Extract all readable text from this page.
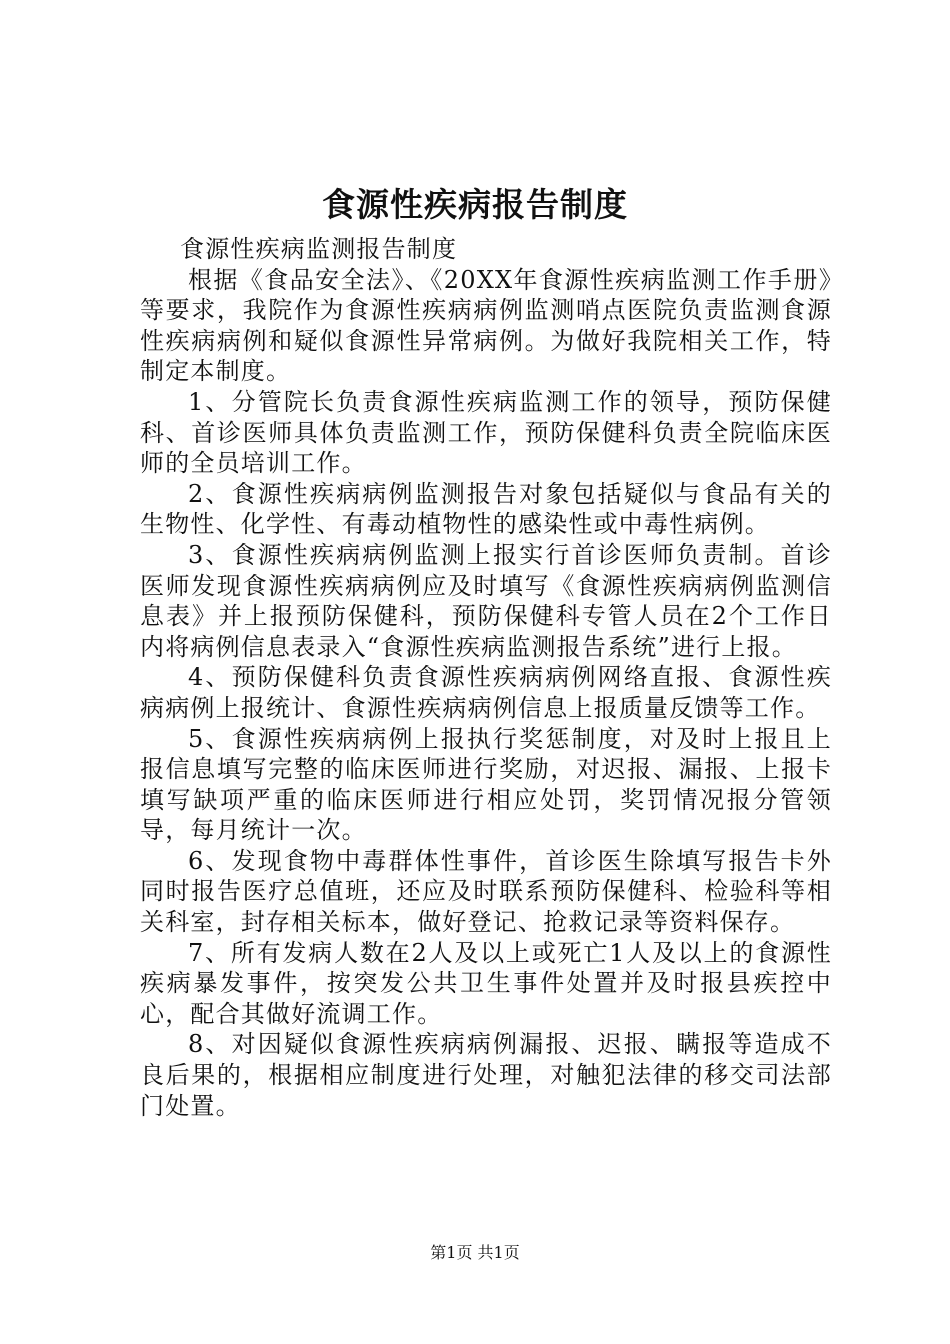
食源性疾病报告制度

食源性疾病监测报告制度

根据《食品安全法》、《20XX年食源性疾病监测工作手册》等要求，我院作为食源性疾病病例监测哨点医院负责监测食源性疾病病例和疑似食源性异常病例。为做好我院相关工作，特制定本制度。

1、分管院长负责食源性疾病监测工作的领导，预防保健科、首诊医师具体负责监测工作，预防保健科负责全院临床医师的全员培训工作。

2、食源性疾病病例监测报告对象包括疑似与食品有关的生物性、化学性、有毒动植物性的感染性或中毒性病例。

3、食源性疾病病例监测上报实行首诊医师负责制。首诊医师发现食源性疾病病例应及时填写《食源性疾病病例监测信息表》并上报预防保健科，预防保健科专管人员在2个工作日内将病例信息表录入“食源性疾病监测报告系统”进行上报。

4、预防保健科负责食源性疾病病例网络直报、食源性疾病病例上报统计、食源性疾病病例信息上报质量反馈等工作。

5、食源性疾病病例上报执行奖惩制度，对及时上报且上报信息填写完整的临床医师进行奖励，对迟报、漏报、上报卡填写缺项严重的临床医师进行相应处罚，奖罚情况报分管领导，每月统计一次。

6、发现食物中毒群体性事件，首诊医生除填写报告卡外同时报告医疗总值班，还应及时联系预防保健科、检验科等相关科室，封存相关标本，做好登记、抢救记录等资料保存。

7、所有发病人数在2人及以上或死亡1人及以上的食源性疾病暴发事件，按突发公共卫生事件处置并及时报县疾控中心，配合其做好流调工作。

8、对因疑似食源性疾病病例漏报、迟报、瞒报等造成不良后果的，根据相应制度进行处理，对触犯法律的移交司法部门处置。

第1页 共1页
